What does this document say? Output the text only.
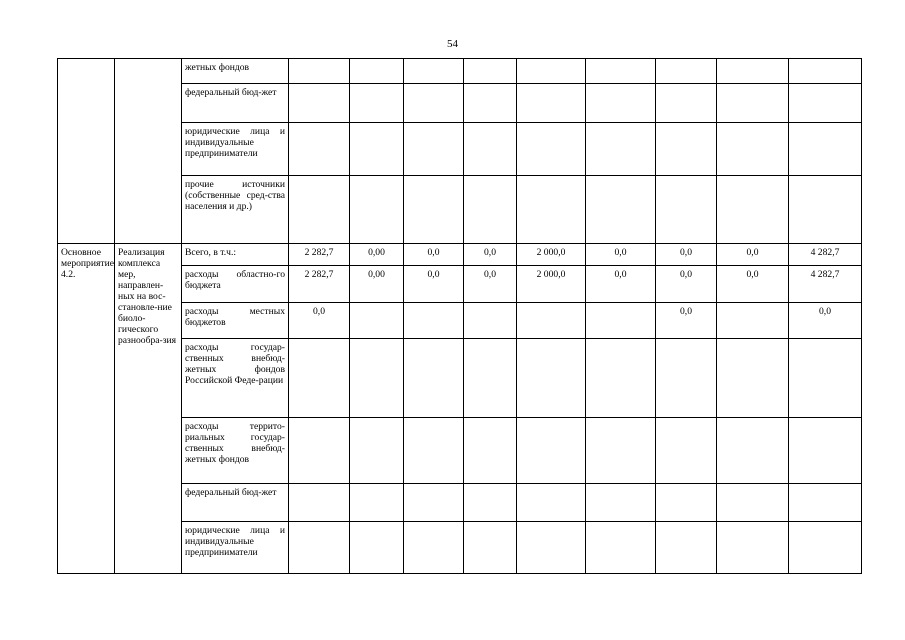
54
		жетных фондов									
		федеральный бюд-жет									
		юридические лица и индивидуальные предприниматели									
		прочие источники (собственные сред-ства населения и др.)									
Основное мероприятие 4.2.	Реализация комплекса мер, направлен-ных на вос-становле-ние биоло-гического разнообра-зия	Всего, в т.ч.:	2 282,7	0,00	0,0	0,0	2 000,0	0,0	0,0	0,0	4 282,7
		расходы областно-го бюджета	2 282,7	0,00	0,0	0,0	2 000,0	0,0	0,0	0,0	4 282,7
		расходы местных бюджетов	0,0						0,0		0,0
		расходы государ-ственных внебюд-жетных фондов Российской Феде-рации									
		расходы террито-риальных государ-ственных внебюд-жетных фондов									
		федеральный бюд-жет									
		юридические лица и индивидуальные предприниматели									
